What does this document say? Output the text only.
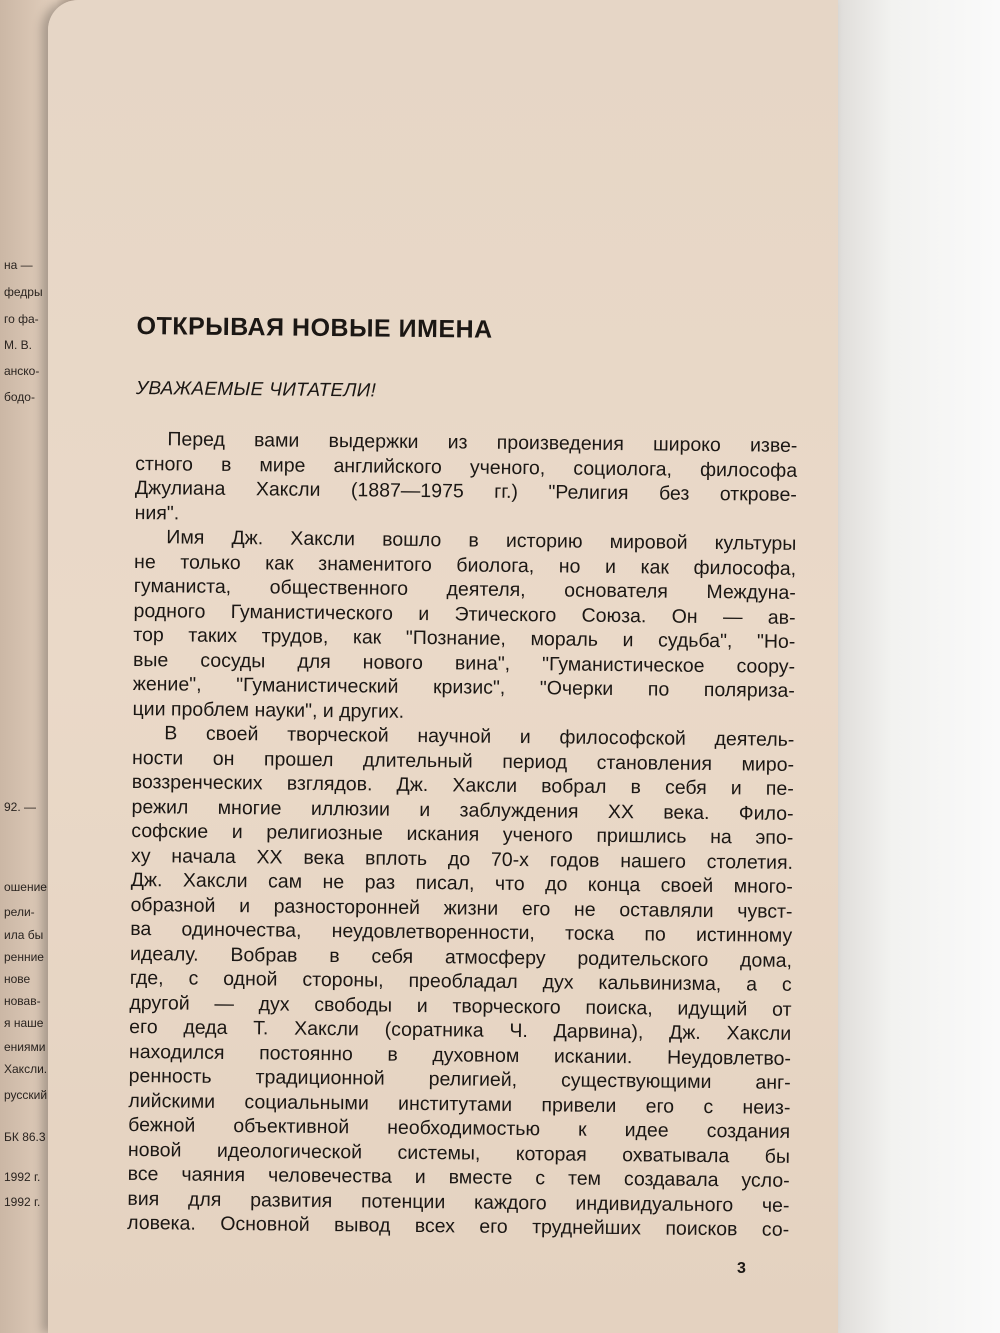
на —
федры
го фа-
М. В.
анско-
бодо-
92. —
ошение
рели-
ила бы
ренние
нове
новав-
я наше
ениями
Хаксли.
русский
БК 86.3
1992 г.
1992 г.
ОТКРЫВАЯ НОВЫЕ ИМЕНА
УВАЖАЕМЫЕ ЧИТАТЕЛИ!
Перед вами выдержки из произведения широко изве-
стного в мире английского ученого, социолога, философа
Джулиана Хаксли (1887—1975 гг.) "Религия без открове-
ния".
Имя Дж. Хаксли вошло в историю мировой культуры
не только как знаменитого биолога, но и как философа,
гуманиста, общественного деятеля, основателя Междуна-
родного Гуманистического и Этического Союза. Он — ав-
тор таких трудов, как "Познание, мораль и судьба", "Но-
вые сосуды для нового вина", "Гуманистическое соору-
жение", "Гуманистический кризис", "Очерки по поляриза-
ции проблем науки", и других.
В своей творческой научной и философской деятель-
ности он прошел длительный период становления миро-
воззренческих взглядов. Дж. Хаксли вобрал в себя и пе-
режил многие иллюзии и заблуждения XX века. Фило-
софские и религиозные искания ученого пришлись на эпо-
ху начала XX века вплоть до 70-х годов нашего столетия.
Дж. Хаксли сам не раз писал, что до конца своей много-
образной и разносторонней жизни его не оставляли чувст-
ва одиночества, неудовлетворенности, тоска по истинному
идеалу. Вобрав в себя атмосферу родительского дома,
где, с одной стороны, преобладал дух кальвинизма, а с
другой — дух свободы и творческого поиска, идущий от
его деда Т. Хаксли (соратника Ч. Дарвина), Дж. Хаксли
находился постоянно в духовном искании. Неудовлетво-
ренность традиционной религией, существующими анг-
лийскими социальными институтами привели его с неиз-
бежной объективной необходимостью к идее создания
новой идеологической системы, которая охватывала бы
все чаяния человечества и вместе с тем создавала усло-
вия для развития потенции каждого индивидуального че-
ловека. Основной вывод всех его труднейших поисков со-
3
